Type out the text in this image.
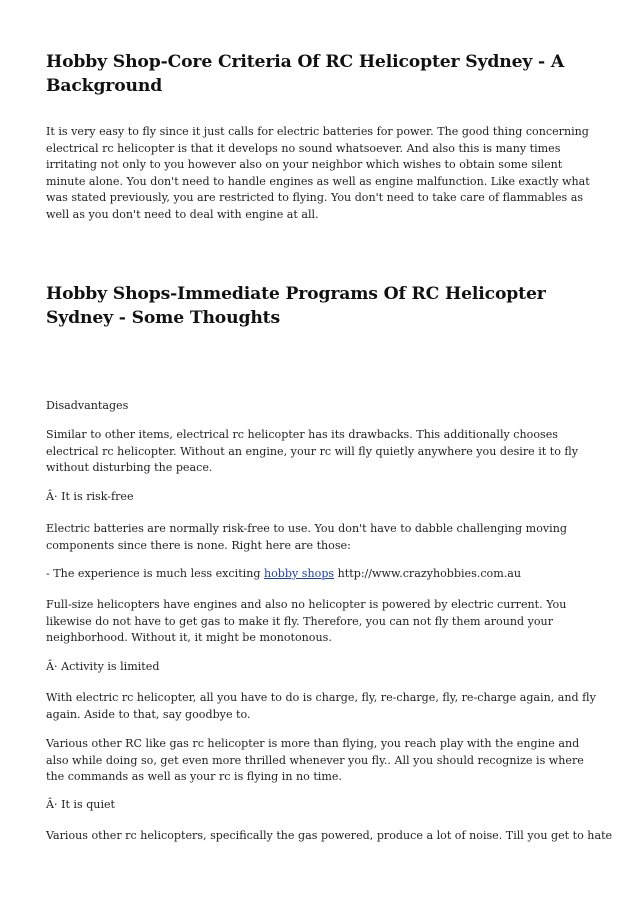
Hobby Shop-Core Criteria Of RC Helicopter Sydney - A Background

It is very easy to fly since it just calls for electric batteries for power. The good thing concerning electrical rc helicopter is that it develops no sound whatsoever. And also this is many times irritating not only to you however also on your neighbor which wishes to obtain some silent minute alone. You don't need to handle engines as well as engine malfunction. Like exactly what was stated previously, you are restricted to flying. You don't need to take care of flammables as well as you don't need to deal with engine at all.

Hobby Shops-Immediate Programs Of RC Helicopter Sydney - Some Thoughts

Disadvantages

Similar to other items, electrical rc helicopter has its drawbacks. This additionally chooses electrical rc helicopter. Without an engine, your rc will fly quietly anywhere you desire it to fly without disturbing the peace.

Â· It is risk-free

Electric batteries are normally risk-free to use. You don't have to dabble challenging moving components since there is none. Right here are those:

- The experience is much less exciting hobby shops http://www.crazyhobbies.com.au

Full-size helicopters have engines and also no helicopter is powered by electric current. You likewise do not have to get gas to make it fly. Therefore, you can not fly them around your neighborhood. Without it, it might be monotonous.

Â· Activity is limited

With electric rc helicopter, all you have to do is charge, fly, re-charge, fly, re-charge again, and fly again. Aside to that, say goodbye to.

Various other RC like gas rc helicopter is more than flying, you reach play with the engine and also while doing so, get even more thrilled whenever you fly.. All you should recognize is where the commands as well as your rc is flying in no time.

Â· It is quiet

Various other rc helicopters, specifically the gas powered, produce a lot of noise. Till you get to hate
